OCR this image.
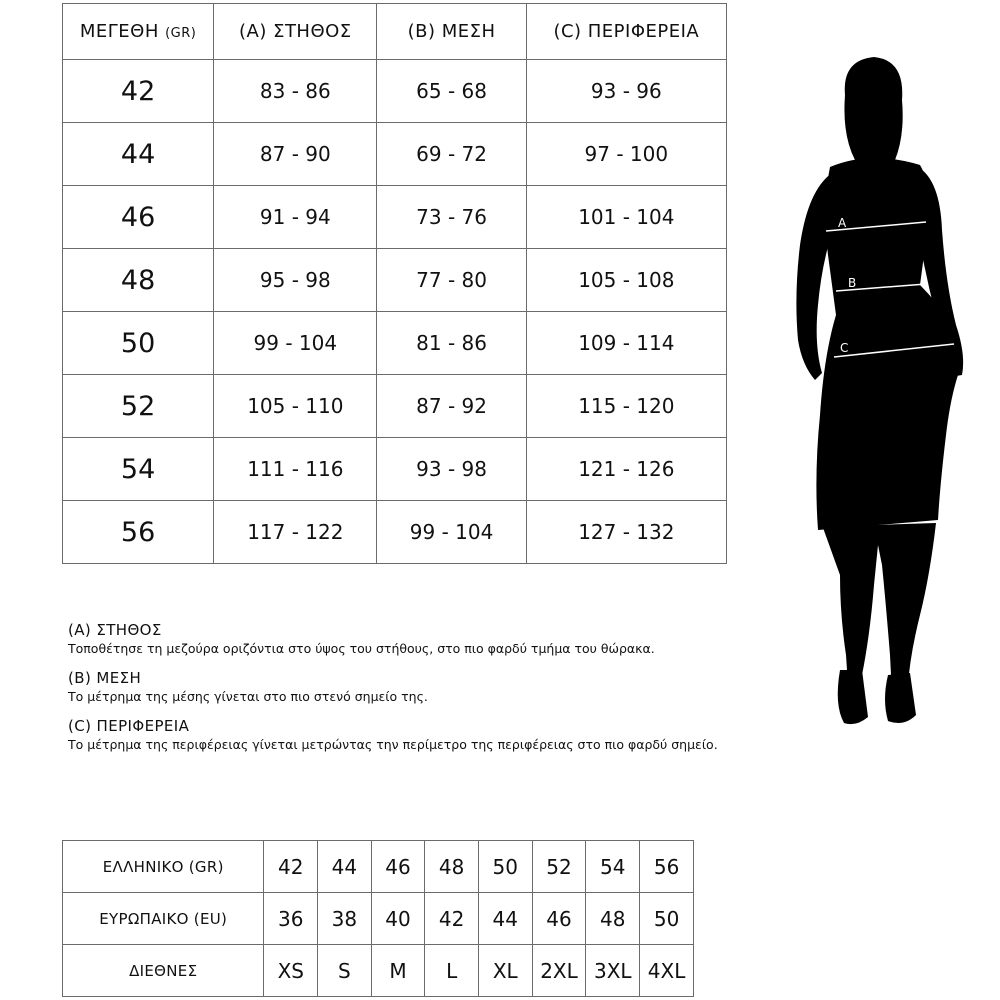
ΜΕΓΕΘΗ (GR)	(Α) ΣΤΗΘΟΣ	(Β) ΜΕΣΗ	(C) ΠΕΡΙΦΕΡΕΙΑ
42	83 - 86	65 - 68	93 - 96
44	87 - 90	69 - 72	97 - 100
46	91 - 94	73 - 76	101 - 104
48	95 - 98	77 - 80	105 - 108
50	99 - 104	81 - 86	109 - 114
52	105 - 110	87 - 92	115 - 120
54	111 - 116	93 - 98	121 - 126
56	117 - 122	99 - 104	127 - 132
(Α) ΣΤΗΘΟΣ
Τοποθέτησε τη μεζούρα οριζόντια στο ύψος του στήθους, στο πιο φαρδύ τμήμα του θώρακα.
(Β) ΜΕΣΗ
Το μέτρημα της μέσης γίνεται στο πιο στενό σημείο της.
(C) ΠΕΡΙΦΕΡΕΙΑ
Το μέτρημα της περιφέρειας γίνεται μετρώντας την περίμετρο της περιφέρειας στο πιο φαρδύ σημείο.
ΕΛΛΗΝΙΚΟ (GR)	42	44	46	48	50	52	54	56
ΕΥΡΩΠΑΙΚΟ (EU)	36	38	40	42	44	46	48	50
ΔΙΕΘΝΕΣ	XS	S	M	L	XL	2XL	3XL	4XL
A
B
C
